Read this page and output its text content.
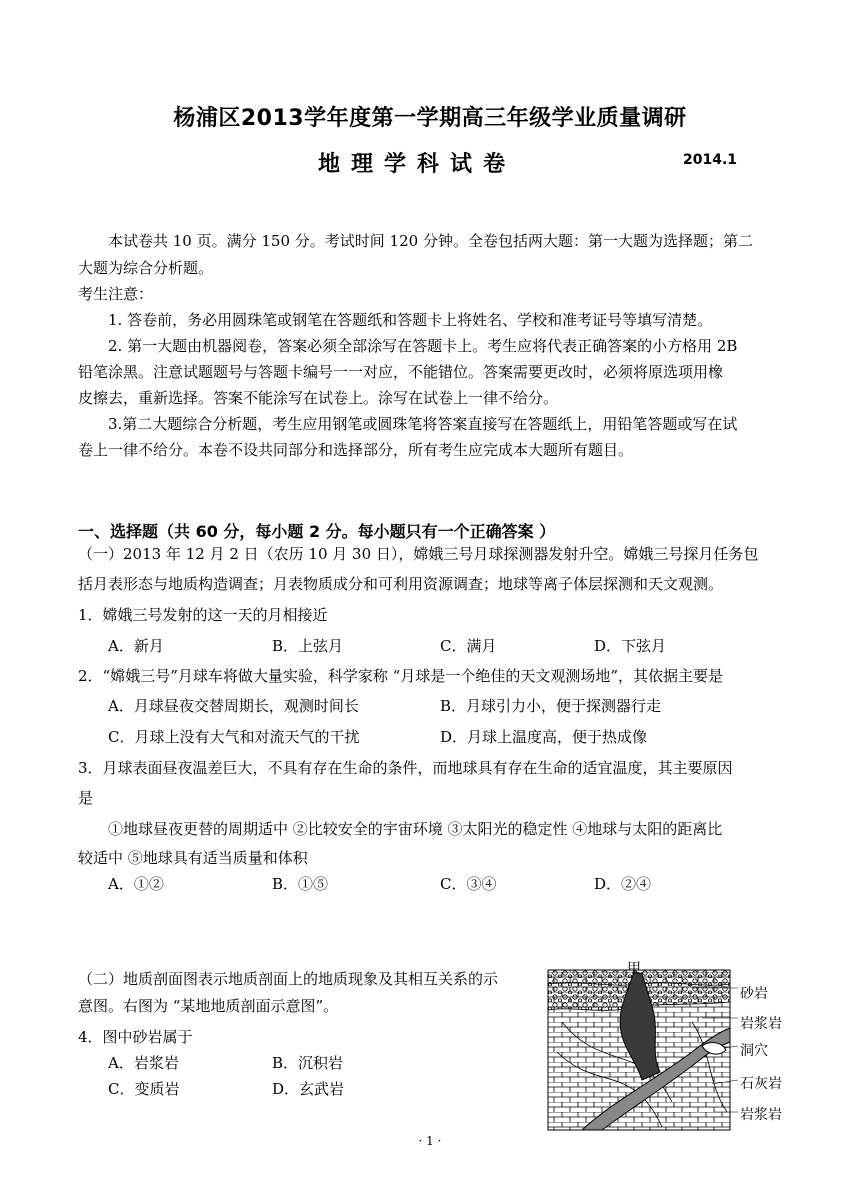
杨浦区2013学年度第一学期高三年级学业质量调研
地理学科试卷	2014.1
本试卷共 10 页。满分 150 分。考试时间 120 分钟。全卷包括两大题：第一大题为选择题；第二
大题为综合分析题。
考生注意：
1. 答卷前，务必用圆珠笔或钢笔在答题纸和答题卡上将姓名、学校和准考证号等填写清楚。
2. 第一大题由机器阅卷，答案必须全部涂写在答题卡上。考生应将代表正确答案的小方格用 2B
铅笔涂黑。注意试题题号与答题卡编号一一对应，不能错位。答案需要更改时，必须将原选项用橡
皮擦去，重新选择。答案不能涂写在试卷上。涂写在试卷上一律不给分。
3.第二大题综合分析题，考生应用钢笔或圆珠笔将答案直接写在答题纸上，用铅笔答题或写在试
卷上一律不给分。本卷不设共同部分和选择部分，所有考生应完成本大题所有题目。
一、选择题（共 60 分，每小题 2 分。每小题只有一个正确答案 ）
（一）2013 年 12 月 2 日（农历 10 月 30 日），嫦娥三号月球探测器发射升空。嫦娥三号探月任务包
括月表形态与地质构造调查；月表物质成分和可利用资源调查；地球等离子体层探测和天文观测。
1．嫦娥三号发射的这一天的月相接近
A．新月	B．上弦月	C．满月	D．下弦月
2．“嫦娥三号”月球车将做大量实验，科学家称 “月球是一个绝佳的天文观测场地”，其依据主要是
A．月球昼夜交替周期长，观测时间长	B．月球引力小，便于探测器行走
C．月球上没有大气和对流天气的干扰	D．月球上温度高，便于热成像
3．月球表面昼夜温差巨大，不具有存在生命的条件，而地球具有存在生命的适宜温度，其主要原因
是
①地球昼夜更替的周期适中 ②比较安全的宇宙环境 ③太阳光的稳定性 ④地球与太阳的距离比
较适中 ⑤地球具有适当质量和体积
A．①②	B．①⑤	C．③④	D．②④
（二）地质剖面图表示地质剖面上的地质现象及其相互关系的示
意图。右图为 “某地地质剖面示意图”。
4．图中砂岩属于
A．岩浆岩	B．沉积岩
C．变质岩	D．玄武岩
甲
砂岩
岩浆岩
洞穴
石灰岩
岩浆岩
· 1 ·
